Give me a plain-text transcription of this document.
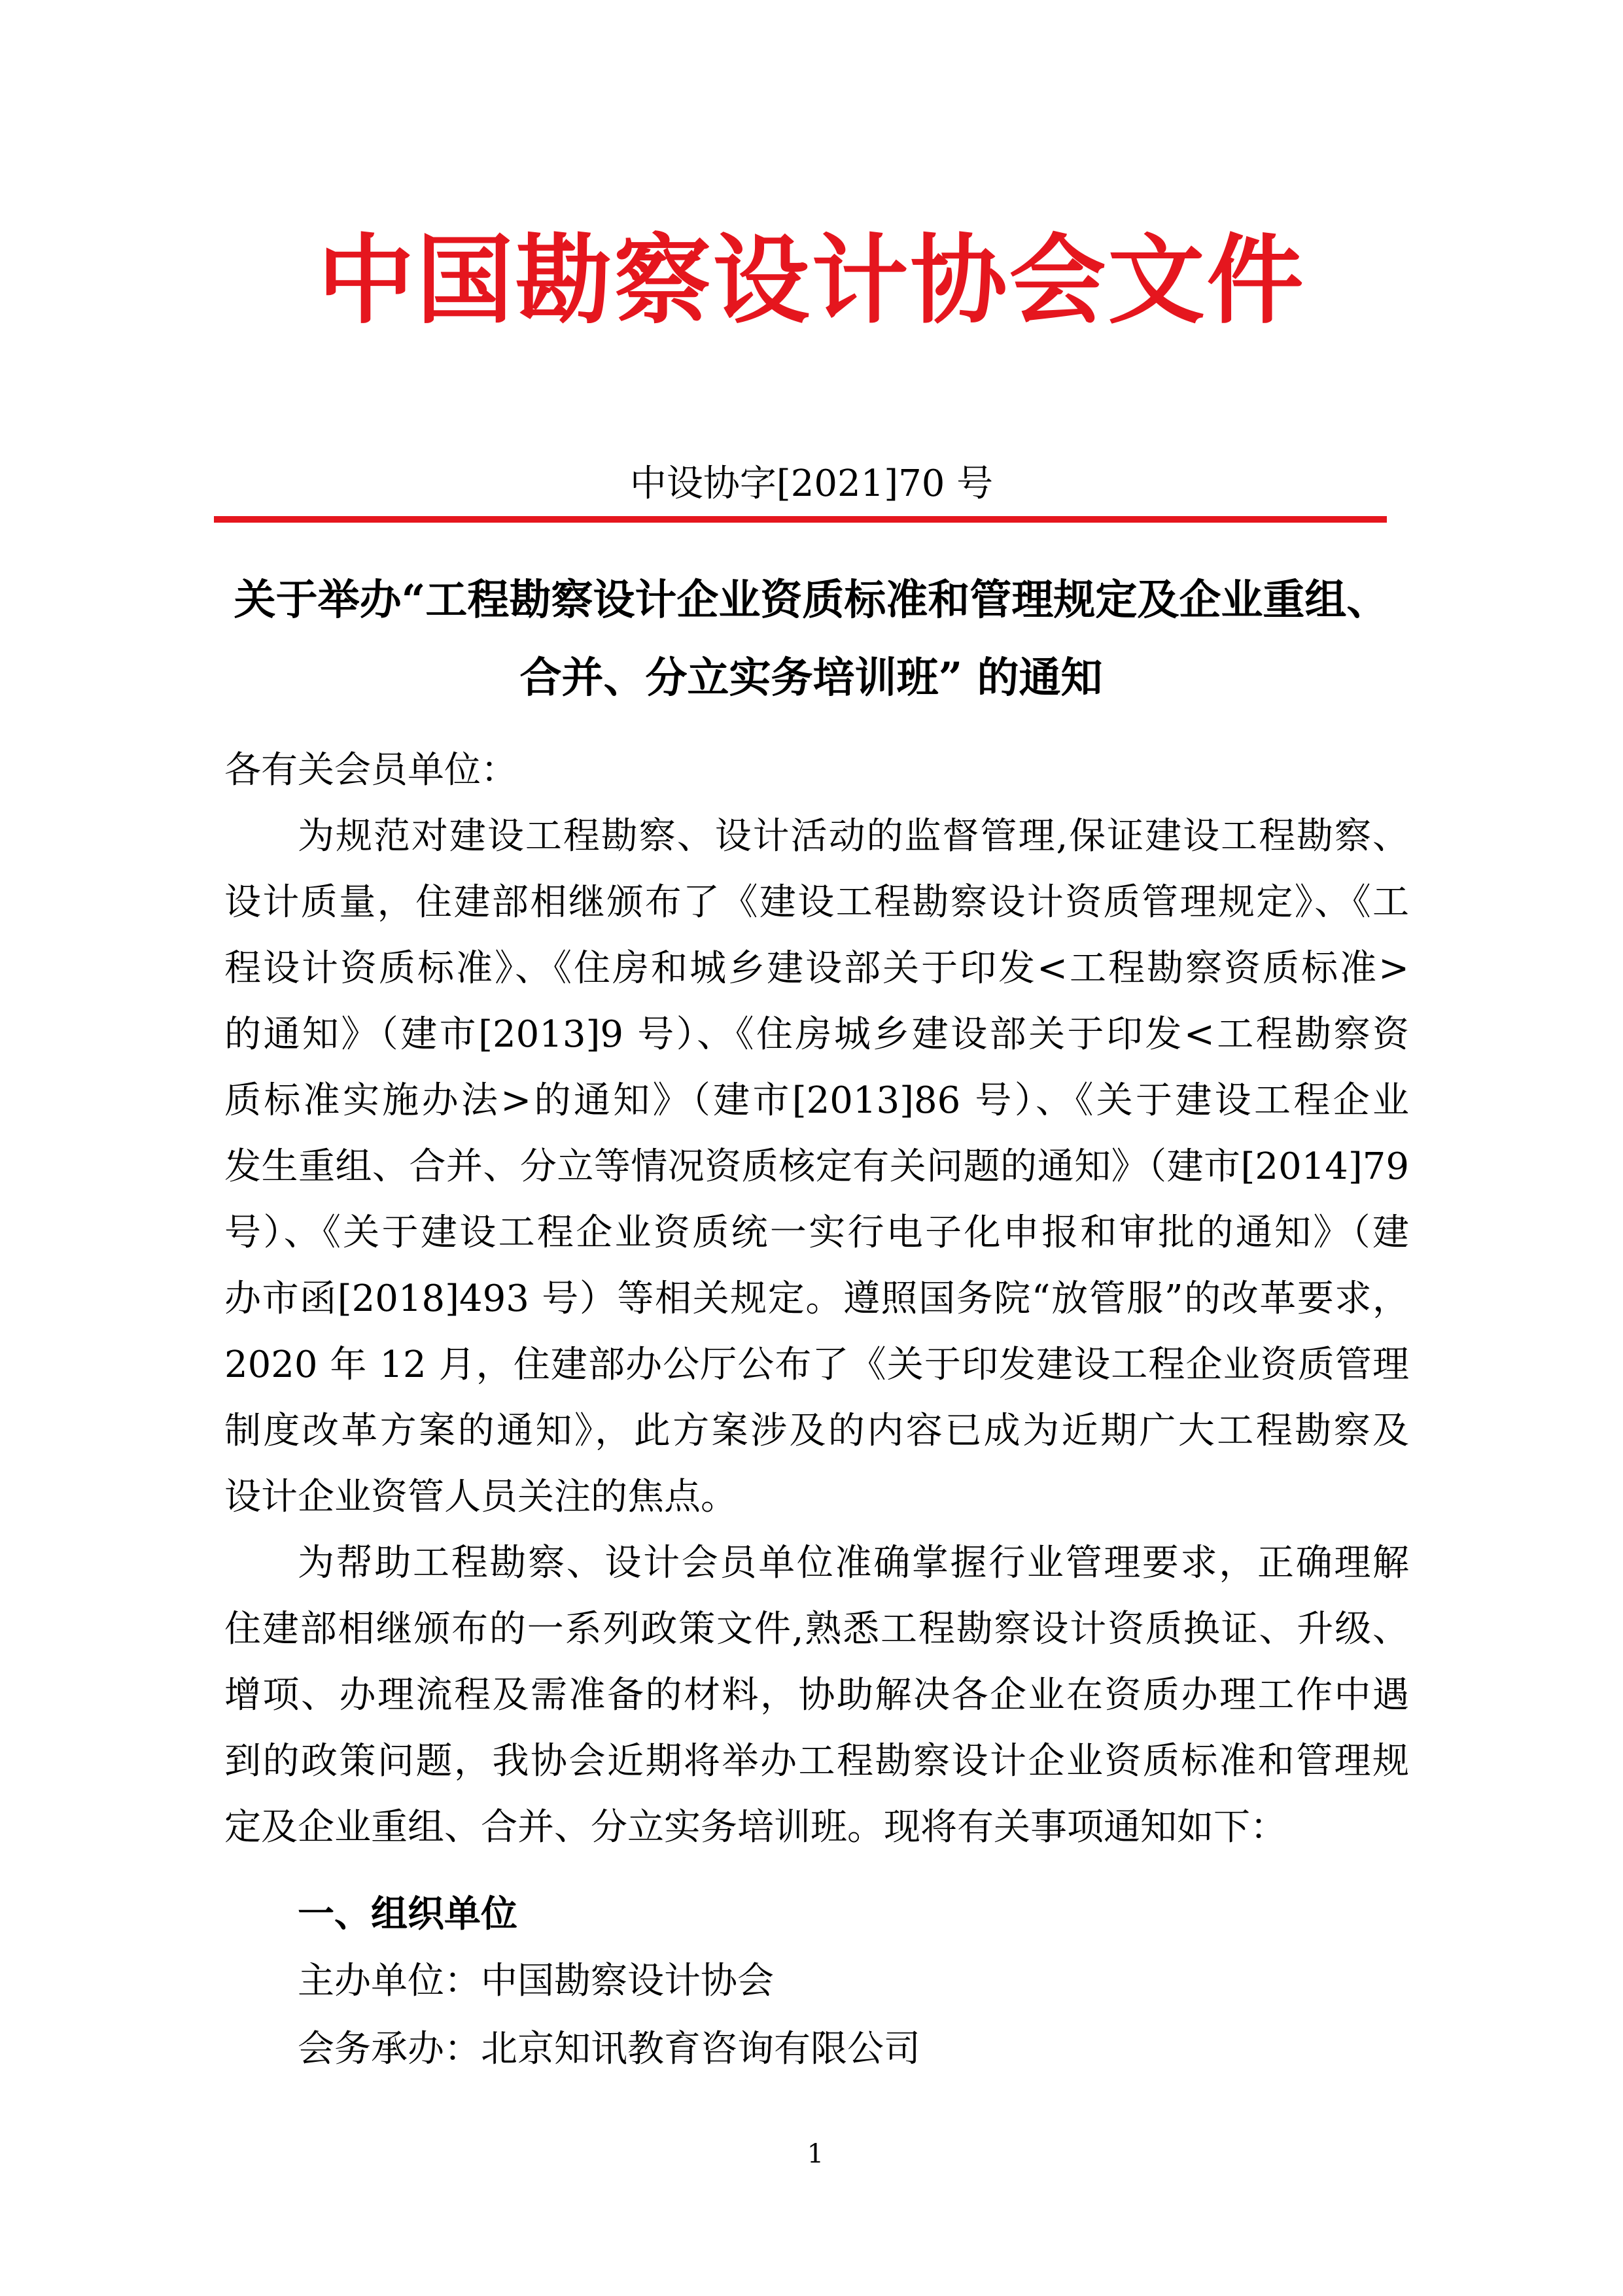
中国勘察设计协会文件
中设协字[2021]70 号
关于举办“工程勘察设计企业资质标准和管理规定及企业重组、
合并、分立实务培训班” 的通知
各有关会员单位：
为规范对建设工程勘察、设计活动的监督管理,保证建设工程勘察、
设计质量，住建部相继颁布了《建设工程勘察设计资质管理规定》、《工
程设计资质标准》、《住房和城乡建设部关于印发<工程勘察资质标准>
的通知》（建市[2013]9 号）、《住房城乡建设部关于印发<工程勘察资
质标准实施办法>的通知》（建市[2013]86 号）、《关于建设工程企业
发生重组、合并、分立等情况资质核定有关问题的通知》（建市[2014]79
号）、《关于建设工程企业资质统一实行电子化申报和审批的通知》（建
办市函[2018]493 号）等相关规定。遵照国务院“放管服”的改革要求，
2020 年 12 月，住建部办公厅公布了《关于印发建设工程企业资质管理
制度改革方案的通知》，此方案涉及的内容已成为近期广大工程勘察及
设计企业资管人员关注的焦点。
为帮助工程勘察、设计会员单位准确掌握行业管理要求，正确理解
住建部相继颁布的一系列政策文件,熟悉工程勘察设计资质换证、升级、
增项、办理流程及需准备的材料，协助解决各企业在资质办理工作中遇
到的政策问题，我协会近期将举办工程勘察设计企业资质标准和管理规
定及企业重组、合并、分立实务培训班。现将有关事项通知如下：
一、组织单位
主办单位：中国勘察设计协会
会务承办：北京知讯教育咨询有限公司
1
